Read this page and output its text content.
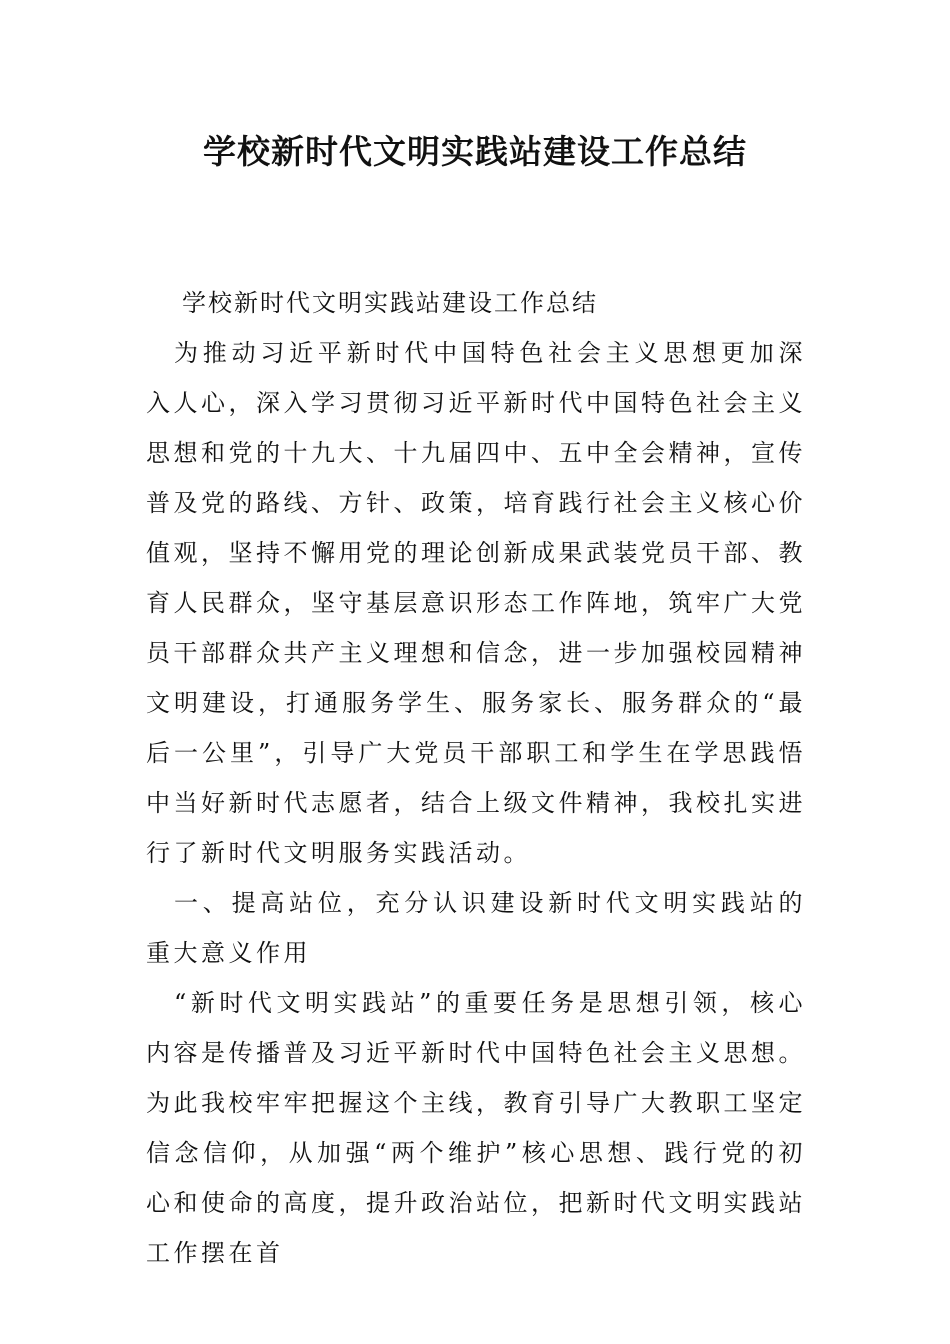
学校新时代文明实践站建设工作总结

学校新时代文明实践站建设工作总结

为推动习近平新时代中国特色社会主义思想更加深入人心，深入学习贯彻习近平新时代中国特色社会主义思想和党的十九大、十九届四中、五中全会精神，宣传普及党的路线、方针、政策，培育践行社会主义核心价值观，坚持不懈用党的理论创新成果武装党员干部、教育人民群众，坚守基层意识形态工作阵地，筑牢广大党员干部群众共产主义理想和信念，进一步加强校园精神文明建设，打通服务学生、服务家长、服务群众的“最后一公里”，引导广大党员干部职工和学生在学思践悟中当好新时代志愿者，结合上级文件精神，我校扎实进行了新时代文明服务实践活动。

一、提高站位，充分认识建设新时代文明实践站的重大意义作用

“新时代文明实践站”的重要任务是思想引领，核心内容是传播普及习近平新时代中国特色社会主义思想。为此我校牢牢把握这个主线，教育引导广大教职工坚定信念信仰，从加强“两个维护”核心思想、践行党的初心和使命的高度，提升政治站位，把新时代文明实践站工作摆在首
